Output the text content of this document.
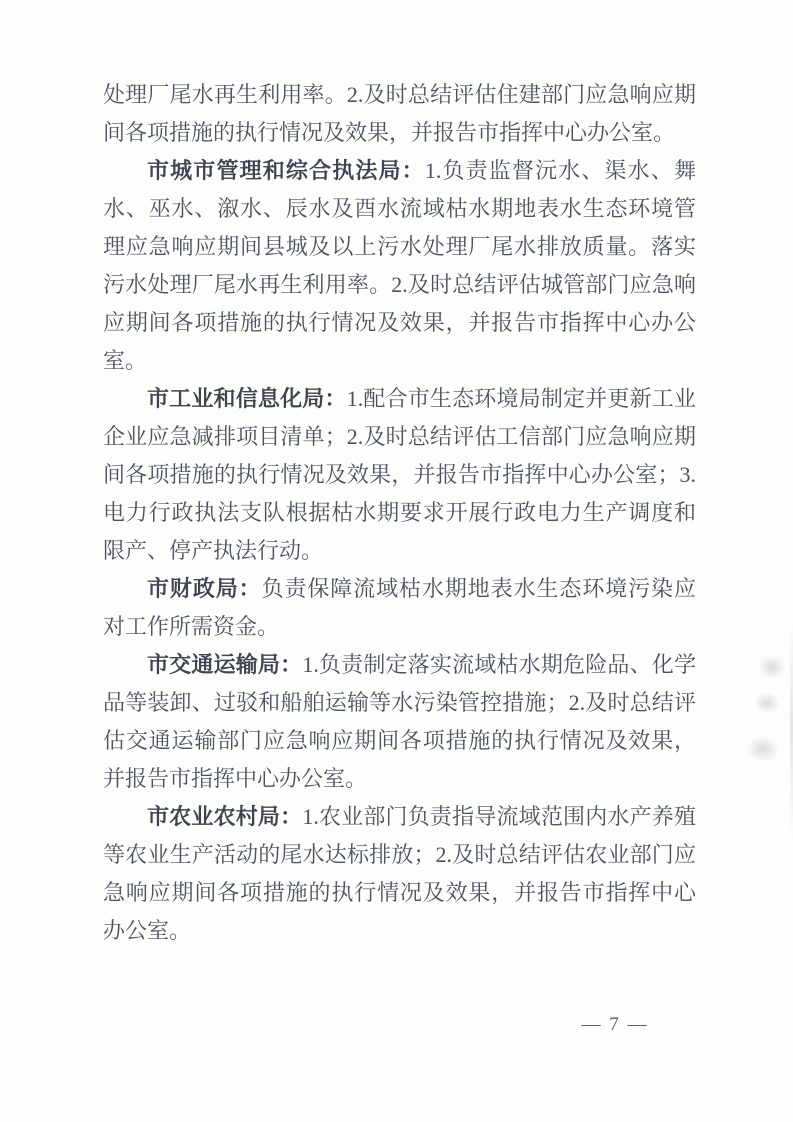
处理厂尾水再生利用率。2.及时总结评估住建部门应急响应期间各项措施的执行情况及效果，并报告市指挥中心办公室。

市城市管理和综合执法局：1.负责监督沅水、渠水、舞水、巫水、溆水、辰水及酉水流域枯水期地表水生态环境管理应急响应期间县城及以上污水处理厂尾水排放质量。落实污水处理厂尾水再生利用率。2.及时总结评估城管部门应急响应期间各项措施的执行情况及效果，并报告市指挥中心办公室。

市工业和信息化局：1.配合市生态环境局制定并更新工业企业应急减排项目清单；2.及时总结评估工信部门应急响应期间各项措施的执行情况及效果，并报告市指挥中心办公室；3.电力行政执法支队根据枯水期要求开展行政电力生产调度和限产、停产执法行动。

市财政局：负责保障流域枯水期地表水生态环境污染应对工作所需资金。

市交通运输局：1.负责制定落实流域枯水期危险品、化学品等装卸、过驳和船舶运输等水污染管控措施；2.及时总结评估交通运输部门应急响应期间各项措施的执行情况及效果，并报告市指挥中心办公室。

市农业农村局：1.农业部门负责指导流域范围内水产养殖等农业生产活动的尾水达标排放；2.及时总结评估农业部门应急响应期间各项措施的执行情况及效果，并报告市指挥中心办公室。

— 7 —
